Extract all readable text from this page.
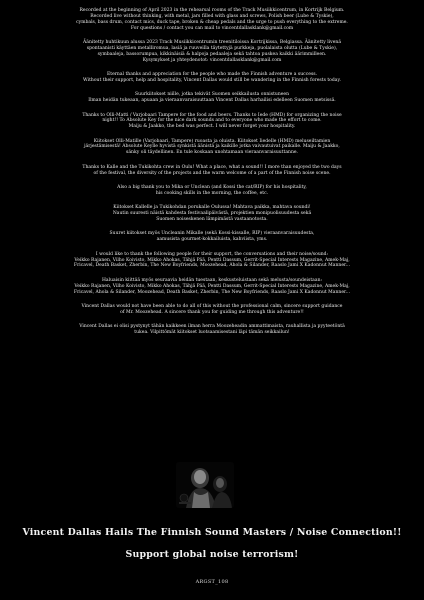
Recorded at the beginning of April 2023 in the rehearsal rooms of the Track Musiikkicentrum, in Kortrijk Belgium.
Recorded live without thinking, with metal, jars filled with glass and screws, Polish beer (Lube & Tyskie),
cymbals, bass drum, contact mics, duck tape, broken & cheap pedals and the urge to push everything to the extreme.
For questions / contact you can mail to vincentdallasklank@gmail.com

Äänitetty huhtikuun alussa 2023 Track Musiikkicentrumin treenitiloissa Kortrijkissa, Belgiassa. Äänitetty livenä
spontaanisti käyttäen metalliromua, lasiä ja ruuveilla täytettyjä purkkeja, puolalaista olutta (Lube & Tyskie),
symbaaleja, bassorumpua, kikkinäisiä & halpoja pedaaleja sekä tahtoa puskea kaikki äärimmilleen.
Kysymykset ja yhteydenotot: vincentdallasklank@gmail.com

Eternal thanks and appreciation for the people who made the Finnish adventure a success.
Without their support, help and hospitality, Vincent Dallas would still be wandering in the Finnish forests today.

Suurkiitokset niille, jotka tekivät Suomen seikkailusta onnistuneen
Ilman heidän tukeaan, apuaan ja vieraanvaraisuuttaan Vincent Dallas harhailisi edelleen Suomen metsissä.

Thanks to Olli-Matti / Varjobaari Tampere for the food and beers. Thanks to Iede (HMD) for organizing the noise
night!! To Absolute Key for the nice dark sounds and to everyone who made the effort to come.
Maiju & Jaakko, the bed was perfect. I will never forget your hospitality.

Kiitokset Olli-Matille (Varjobaari, Tampere) ruoasta ja oluista. Kiitokset Iiedelle (HMD) meluseiltamien
järjestämisestä! Absolute Keylle hyvistä synkistä äänistä ja kaikille jotka vaivautuivat paikalle. Maiju & Jaakko,
sänky oli täydellinen. En tule koskaan unohtamaan vieraanvaraisuuttanne.

Thanks to Kalle and the Tukikohta crew in Oulu! What a place, what a sound!! I more than enjoyed the two days
of the festival, the diversity of the projects and the warm welcome of a part of the Finnish noise scene.

Also a big thank you to Mika or Unclean (and Kossi the cat/RIP) for his hospitality,
his cooking skills in the morning, the coffee, etc.

Kiitokset Kallelle ja Tukikohdan porukalle Oulussa! Mahtava paikka, mahtava soundi!
Nautin suuresti näistä kahdesta festivaalipäivästä, projektien monipuolisuudesta sekä
Suomen noiseskenen lämpimästä vastaanotosta.

Suuret kiitokset myös Uncleanin Mikalle (sekä Kossi-kissalle, RIP) vieraanvaraisuudesta,
aamusista gourmet-kokkailuista, kahviista, yms.

I would like to thank the following people for their support, the conversations and their noise/sound:
Veikko Rajanen, Vilho Koivisto, Mikko Ahokas, Tähjä Pää, Pentti Dassum, Gerrit-Special Interests Magazine, Amek-Maj,
Fricavel, Death Basket, Zherbin, The New Boyfriends, Moozehead, Ahola & Silander, Raaslo Jami X Kadonnut Manner...

Haluaisin kiittää myös seuraavia heidän tuestaan, keskusteluistaan sekä melusta/soundeistaan:
Veikko Rajanen, Vilho Koivisto, Mikko Ahokas, Tähjä Pää, Pentti Dassum, Gerrit-Special Interests Magazine, Amek-Maj,
Fricavel, Ahola & Silander, Moozehead, Death Basket, Zherbin, The New Boyfriends, Raaslo Jami X Kadonnut Manner...

Vincent Dallas would not have been able to do all of this without the professional calm, sincere support guidance
of Mr. Moozehead. A sincere thank you for guiding me through this adventure!!

Vincent Dallas ei olisi pystynyt tähän kaikkeen ilman herra Moozeheadin ammattimaista, rauhallista ja pyyteetöntä
tukea. Vilpittömät kiitokset luotsaamisestani läpi tämän seikkailun!

Vincent Dallas Hails The Finnish Sound Masters / Noise Connection!!
Support global noise terrorism!
ARGST_108
